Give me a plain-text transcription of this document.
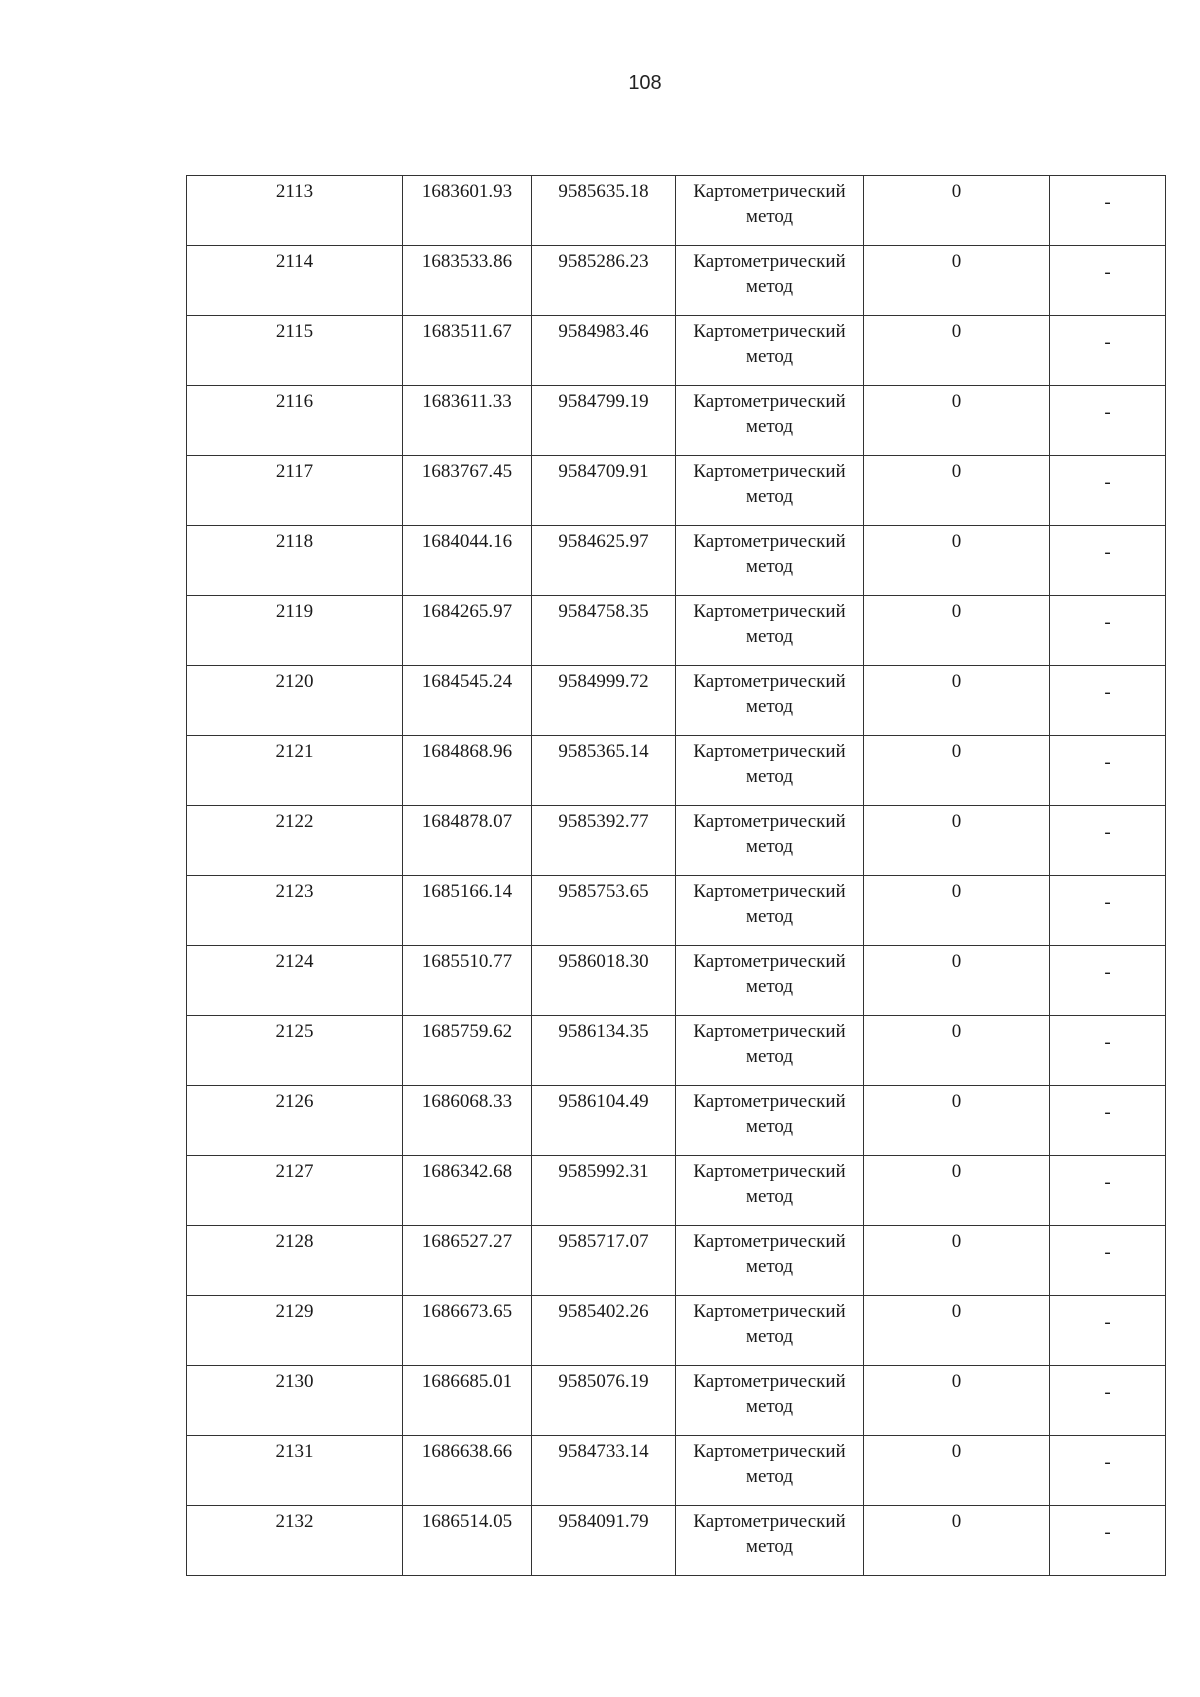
108
2113	1683601.93	9585635.18	Картометрический метод	0	-

2114	1683533.86	9585286.23	Картометрический метод	0	-

2115	1683511.67	9584983.46	Картометрический метод	0	-

2116	1683611.33	9584799.19	Картометрический метод	0	-

2117	1683767.45	9584709.91	Картометрический метод	0	-

2118	1684044.16	9584625.97	Картометрический метод	0	-

2119	1684265.97	9584758.35	Картометрический метод	0	-

2120	1684545.24	9584999.72	Картометрический метод	0	-

2121	1684868.96	9585365.14	Картометрический метод	0	-

2122	1684878.07	9585392.77	Картометрический метод	0	-

2123	1685166.14	9585753.65	Картометрический метод	0	-

2124	1685510.77	9586018.30	Картометрический метод	0	-

2125	1685759.62	9586134.35	Картометрический метод	0	-

2126	1686068.33	9586104.49	Картометрический метод	0	-

2127	1686342.68	9585992.31	Картометрический метод	0	-

2128	1686527.27	9585717.07	Картометрический метод	0	-

2129	1686673.65	9585402.26	Картометрический метод	0	-

2130	1686685.01	9585076.19	Картометрический метод	0	-

2131	1686638.66	9584733.14	Картометрический метод	0	-

2132	1686514.05	9584091.79	Картометрический метод	0	-
